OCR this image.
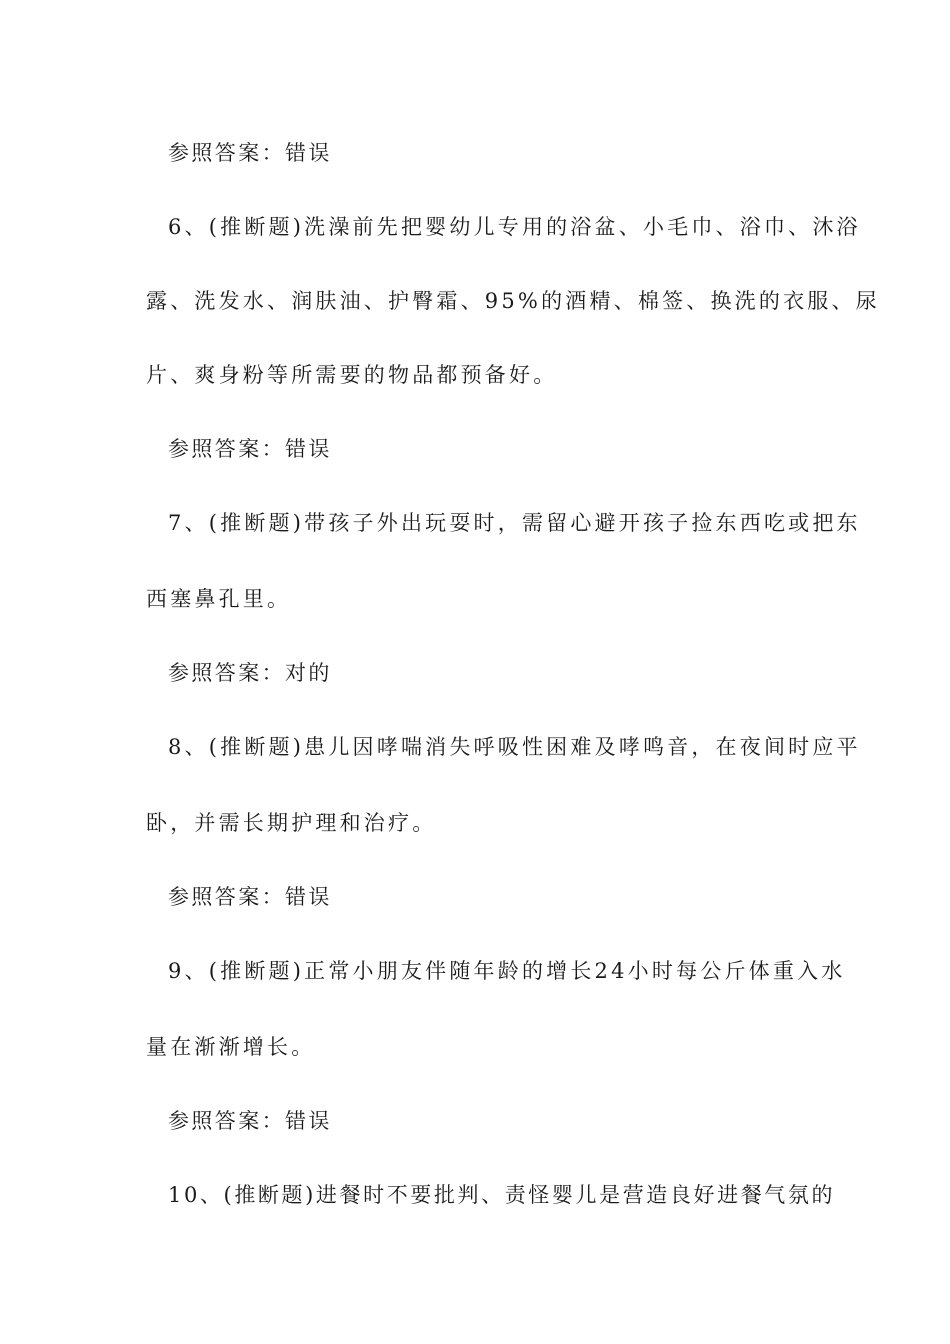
参照答案：错误
6、(推断题)洗澡前先把婴幼儿专用的浴盆、小毛巾、浴巾、沐浴
露、洗发水、润肤油、护臀霜、95%的酒精、棉签、换洗的衣服、尿
片、爽身粉等所需要的物品都预备好。
参照答案：错误
7、(推断题)带孩子外出玩耍时，需留心避开孩子捡东西吃或把东
西塞鼻孔里。
参照答案：对的
8、(推断题)患儿因哮喘消失呼吸性困难及哮鸣音，在夜间时应平
卧，并需长期护理和治疗。
参照答案：错误
9、(推断题)正常小朋友伴随年龄的增长24小时每公斤体重入水
量在渐渐增长。
参照答案：错误
10、(推断题)进餐时不要批判、责怪婴儿是营造良好进餐气氛的
